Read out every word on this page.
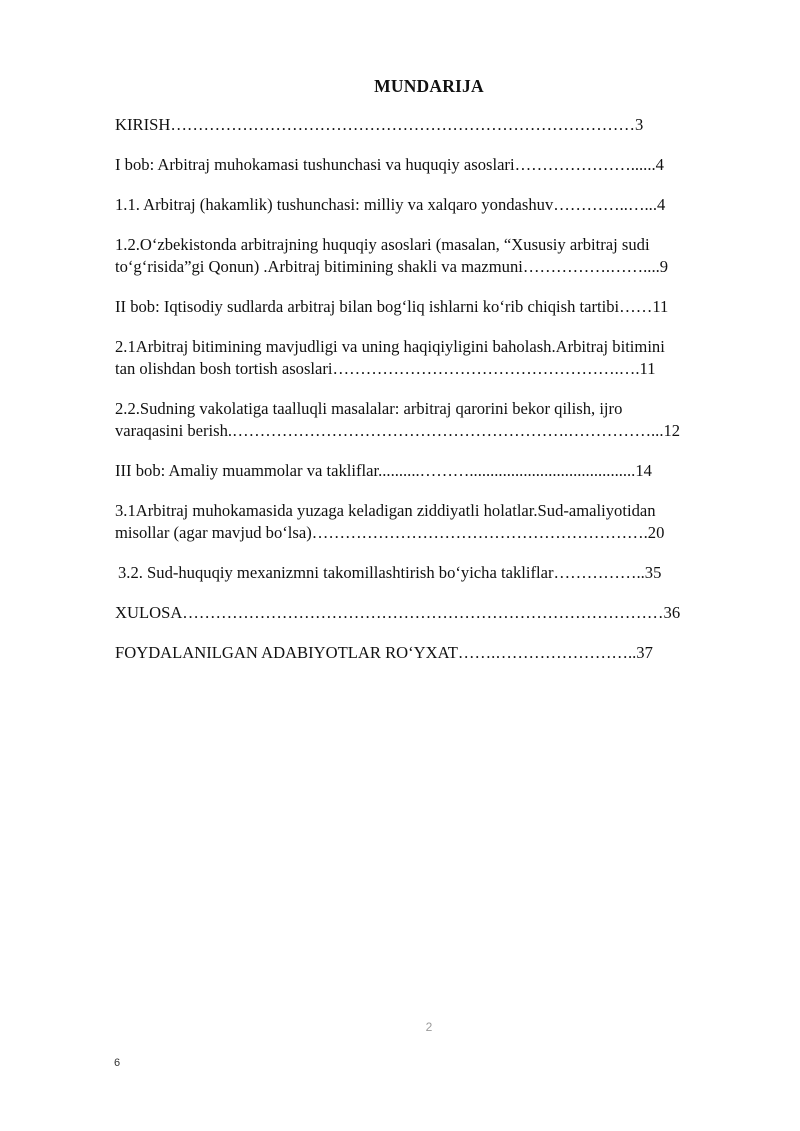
MUNDARIJA
KIRISH…………………………………………………………………………3
I bob: Arbitraj muhokamasi tushunchasi va huquqiy asoslari…………………......4
1.1. Arbitraj (hakamlik) tushunchasi: milliy va xalqaro yondashuv…………..…...4
1.2.Oʻzbekistonda arbitrajning huquqiy asoslari (masalan, “Xususiy arbitraj sudi
toʻgʻrisida”gi Qonun) .Arbitraj bitimining shakli va mazmuni…………….……....9
II bob: Iqtisodiy sudlarda arbitraj bilan bogʻliq ishlarni koʻrib chiqish tartibi……11
2.1Arbitraj bitimining mavjudligi va uning haqiqiyligini baholash.Arbitraj bitimini
tan olishdan bosh tortish asoslari…………………………………………….….11
2.2.Sudning vakolatiga taalluqli masalalar: arbitraj qarorini bekor qilish, ijro
varaqasini berish.…………………………………………………….……………...12
III bob: Amaliy muammolar va takliflar..........………........................................14
3.1Arbitraj muhokamasida yuzaga keladigan ziddiyatli holatlar.Sud-amaliyotidan
misollar (agar mavjud boʻlsa)…………………………………………………….20
3.2. Sud-huquqiy mexanizmni takomillashtirish boʻyicha takliflar……………..35
XULOSA……………………………………………………………………………36
FOYDALANILGAN ADABIYOTLAR ROʻYXAT…….……………………..37
2
6
